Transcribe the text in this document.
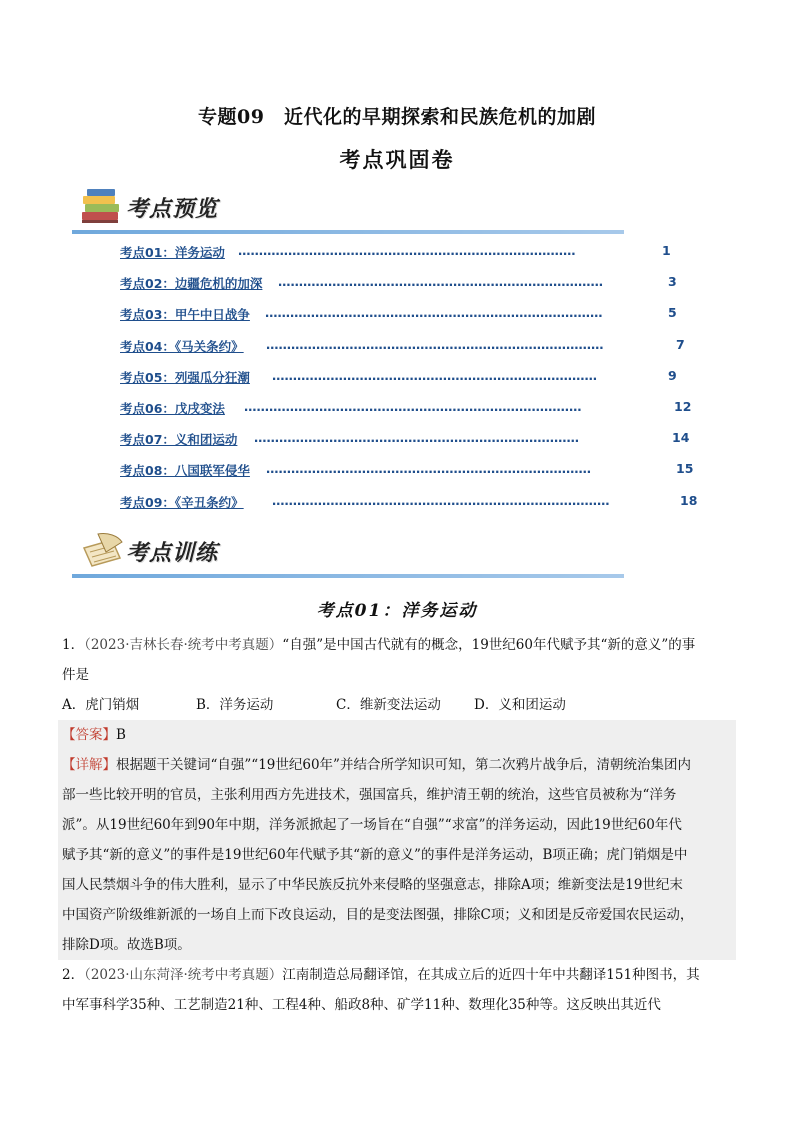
专题09　近代化的早期探索和民族危机的加剧
考点巩固卷
考点预览
考点01：洋务运动 ………………………………………………………………………	1
考点02：边疆危机的加深 ……………………………………………………………………	3
考点03：甲午中日战争 ………………………………………………………………………	5
考点04：《马关条约》 ………………………………………………………………………	7
考点05：列强瓜分狂潮 ……………………………………………………………………	9
考点06：戊戌变法 ………………………………………………………………………	12
考点07：义和团运动 ……………………………………………………………………	14
考点08：八国联军侵华 ……………………………………………………………………	15
考点09：《辛丑条约》 ………………………………………………………………………	18
考点训练
考点01：洋务运动

1．（2023·吉林长春·统考中考真题）“自强”是中国古代就有的概念，19世纪60年代赋予其“新的意义”的事

件是

A．虎门销烟	B．洋务运动	C．维新变法运动	D．义和团运动

【答案】B

【详解】根据题干关键词“自强”“19世纪60年”并结合所学知识可知，第二次鸦片战争后，清朝统治集团内

部一些比较开明的官员，主张利用西方先进技术，强国富兵，维护清王朝的统治，这些官员被称为“洋务

派”。从19世纪60年到90年中期，洋务派掀起了一场旨在“自强”“求富”的洋务运动，因此19世纪60年代

赋予其“新的意义”的事件是19世纪60年代赋予其“新的意义”的事件是洋务运动，B项正确；虎门销烟是中

国人民禁烟斗争的伟大胜利，显示了中华民族反抗外来侵略的坚强意志，排除A项；维新变法是19世纪末

中国资产阶级维新派的一场自上而下改良运动，目的是变法图强，排除C项；义和团是反帝爱国农民运动，

排除D项。故选B项。

2．（2023·山东菏泽·统考中考真题）江南制造总局翻译馆，在其成立后的近四十年中共翻译151种图书，其

中军事科学35种、工艺制造21种、工程4种、船政8种、矿学11种、数理化35种等。这反映出其近代
